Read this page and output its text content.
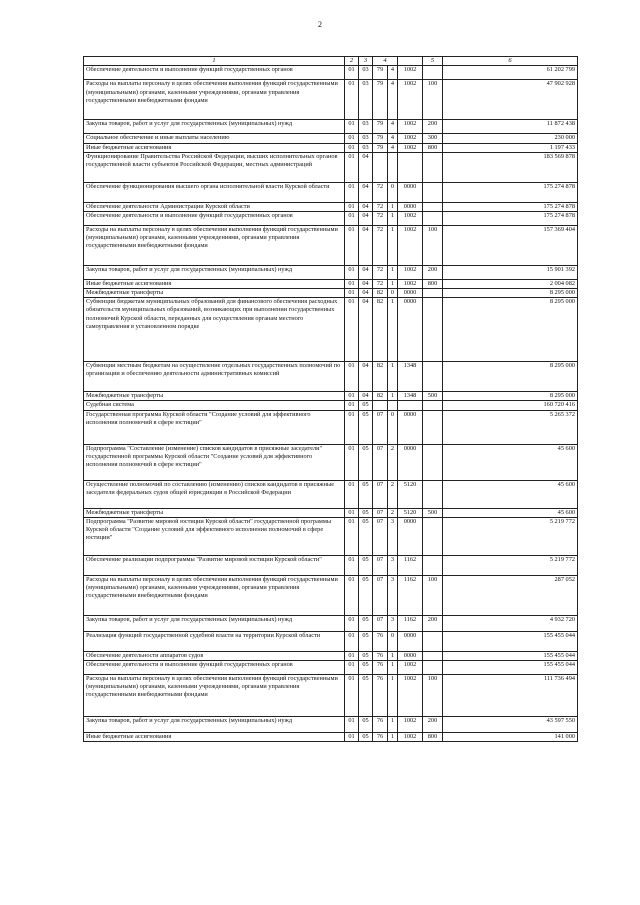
2
1	2	3	4			5	6
Обеспечение деятельности и выполнение функций государственных органов	01	03	79	4	1002		61 202 799
Расходы на выплаты персоналу в целях обеспечения выполнения функций государственными (муниципальными) органами, казенными учреждениями, органами управления государственными внебюджетными фондами	01	03	79	4	1002	100	47 902 928
Закупка товаров, работ и услуг для государственных (муниципальных) нужд	01	03	79	4	1002	200	11 872 438
Социальное обеспечение и иные выплаты населению	01	03	79	4	1002	300	230 000
Иные бюджетные ассигнования	01	03	79	4	1002	800	1 197 433
Функционирование Правительства Российской Федерации, высших исполнительных органов государственной власти субъектов Российской Федерации, местных администраций	01	04					183 569 878
Обеспечение функционирования высшего органа исполнительной власти Курской области	01	04	72	0	0000		175 274 878
Обеспечение деятельности Администрации Курской области	01	04	72	1	0000		175 274 878
Обеспечение деятельности и выполнение функций государственных органов	01	04	72	1	1002		175 274 878
Расходы на выплаты персоналу в целях обеспечения выполнения функций государственными (муниципальными) органами, казенными учреждениями, органами управления государственными внебюджетными фондами	01	04	72	1	1002	100	157 369 404
Закупка товаров, работ и услуг для государственных (муниципальных) нужд	01	04	72	1	1002	200	15 901 392
Иные бюджетные ассигнования	01	04	72	1	1002	800	2 004 082
Межбюджетные трансферты	01	04	82	0	0000		8 295 000
Субвенции бюджетам муниципальных образований для финансового обеспечения расходных обязательств муниципальных образований, возникающих при выполнении государственных полномочий Курской области, переданных для осуществления органам местного самоуправления в установленном порядке	01	04	82	1	0000		8 295 000
Субвенции местным бюджетам на осуществление отдельных государственных полномочий по организации и обеспечению деятельности административных комиссий	01	04	82	1	1348		8 295 000
Межбюджетные трансферты	01	04	82	1	1348	500	8 295 000
Судебная система	01	05					160 720 416
Государственная программа Курской области "Создание условий для эффективного исполнения полномочий в сфере юстиции"	01	05	07	0	0000		5 265 372
Подпрограмма "Составление (изменение) списков кандидатов в присяжные заседатели" государственной программы Курской области "Создание условий для эффективного исполнения полномочий в сфере юстиции"	01	05	07	2	0000		45 600
Осуществление полномочий по составлению (изменению) списков кандидатов в присяжные заседатели федеральных судов общей юрисдикции в Российской Федерации	01	05	07	2	5120		45 600
Межбюджетные трансферты	01	05	07	2	5120	500	45 600
Подпрограмма "Развитие мировой юстиции Курской области" государственной программы Курской области "Создание условий для эффективного исполнения полномочий в сфере юстиции"	01	05	07	3	0000		5 219 772
Обеспечение реализации подпрограммы "Развитие мировой юстиции Курской области"	01	05	07	3	1162		5 219 772
Расходы на выплаты персоналу в целях обеспечения выполнения функций государственными (муниципальными) органами, казенными учреждениями, органами управления государственными внебюджетными фондами	01	05	07	3	1162	100	287 052
Закупка товаров, работ и услуг для государственных (муниципальных) нужд	01	05	07	3	1162	200	4 932 720
Реализация функций государственной судебной власти на территории Курской области	01	05	76	0	0000		155 455 044
Обеспечение деятельности аппаратов судов	01	05	76	1	0000		155 455 044
Обеспечение деятельности и выполнение функций государственных органов	01	05	76	1	1002		155 455 044
Расходы на выплаты персоналу в целях обеспечения выполнения функций государственными (муниципальными) органами, казенными учреждениями, органами управления государственными внебюджетными фондами	01	05	76	1	1002	100	111 736 494
Закупка товаров, работ и услуг для государственных (муниципальных) нужд	01	05	76	1	1002	200	43 597 550
Иные бюджетные ассигнования	01	05	76	1	1002	800	141 000
